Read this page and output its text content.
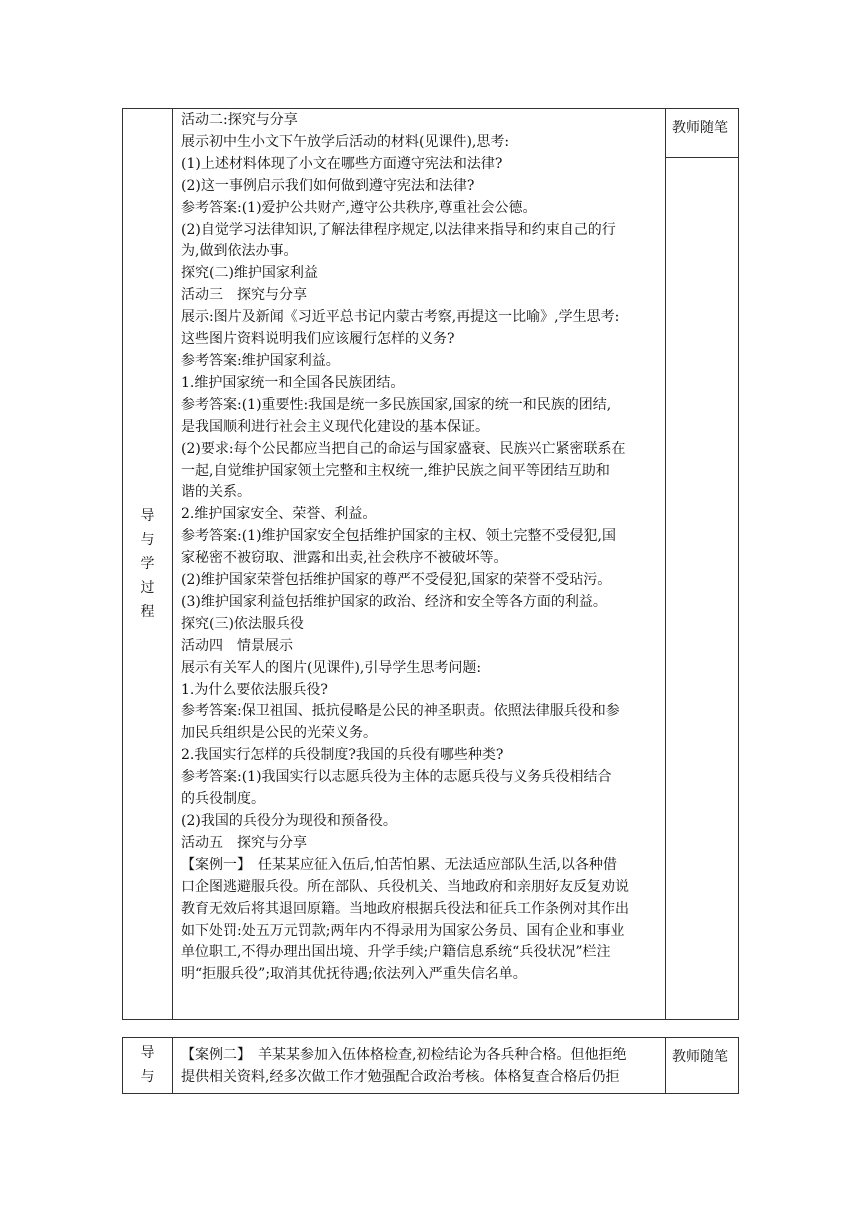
导与学过程	

活动二:探究与分享

展示初中生小文下午放学后活动的材料(见课件),思考:

(1)上述材料体现了小文在哪些方面遵守宪法和法律?

(2)这一事例启示我们如何做到遵守宪法和法律?

参考答案:(1)爱护公共财产,遵守公共秩序,尊重社会公德。

(2)自觉学习法律知识,了解法律程序规定,以法律来指导和约束自己的行

为,做到依法办事。

探究(二)维护国家利益

活动三　探究与分享

展示:图片及新闻《习近平总书记内蒙古考察,再提这一比喻》,学生思考:

这些图片资料说明我们应该履行怎样的义务?

参考答案:维护国家利益。

1.维护国家统一和全国各民族团结。

参考答案:(1)重要性:我国是统一多民族国家,国家的统一和民族的团结,

是我国顺利进行社会主义现代化建设的基本保证。

(2)要求:每个公民都应当把自己的命运与国家盛衰、民族兴亡紧密联系在

一起,自觉维护国家领土完整和主权统一,维护民族之间平等团结互助和

谐的关系。

2.维护国家安全、荣誉、利益。

参考答案:(1)维护国家安全包括维护国家的主权、领土完整不受侵犯,国

家秘密不被窃取、泄露和出卖,社会秩序不被破坏等。

(2)维护国家荣誉包括维护国家的尊严不受侵犯,国家的荣誉不受玷污。

(3)维护国家利益包括维护国家的政治、经济和安全等各方面的利益。

探究(三)依法服兵役

活动四　情景展示

展示有关军人的图片(见课件),引导学生思考问题:

1.为什么要依法服兵役?

参考答案:保卫祖国、抵抗侵略是公民的神圣职责。依照法律服兵役和参

加民兵组织是公民的光荣义务。

2.我国实行怎样的兵役制度?我国的兵役有哪些种类?

参考答案:(1)我国实行以志愿兵役为主体的志愿兵役与义务兵役相结合

的兵役制度。

(2)我国的兵役分为现役和预备役。

活动五　探究与分享

【案例一】　任某某应征入伍后,怕苦怕累、无法适应部队生活,以各种借

口企图逃避服兵役。所在部队、兵役机关、当地政府和亲朋好友反复劝说

教育无效后将其退回原籍。当地政府根据兵役法和征兵工作条例对其作出

如下处罚:处五万元罚款;两年内不得录用为国家公务员、国有企业和事业

单位职工,不得办理出国出境、升学手续;户籍信息系统“兵役状况”栏注

明“拒服兵役”;取消其优抚待遇;依法列入严重失信名单。

	教师随笔

导与	

【案例二】　羊某某参加入伍体格检查,初检结论为各兵种合格。但他拒绝

提供相关资料,经多次做工作才勉强配合政治考核。体格复查合格后仍拒

	教师随笔
